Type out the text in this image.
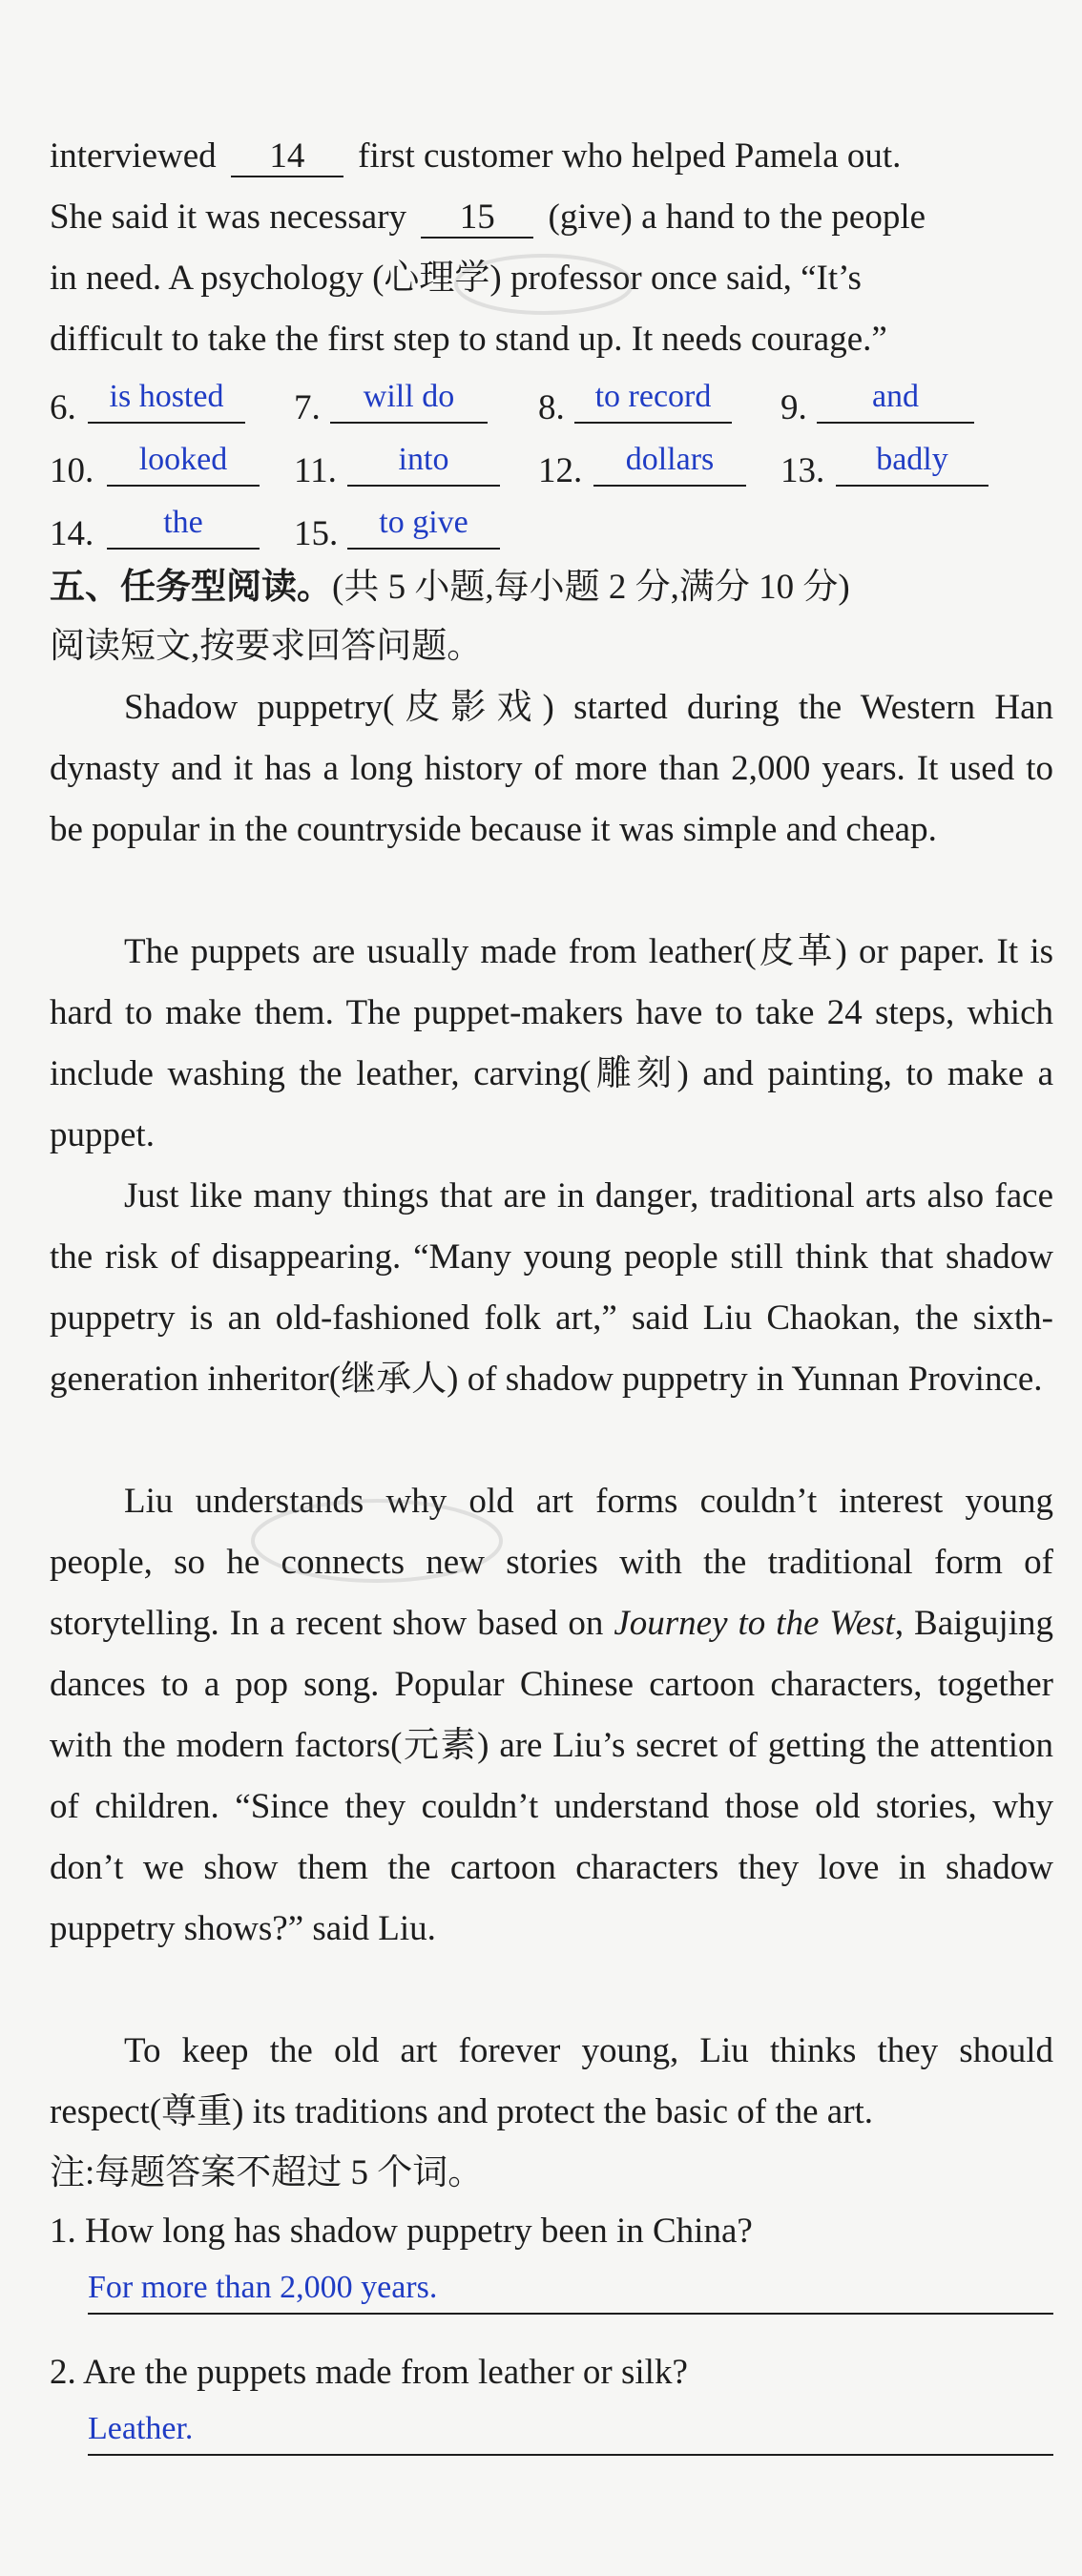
interviewed 14 first customer who helped Pamela out.
She said it was necessary 15 (give) a hand to the people
in need. A psychology (心理学) professor once said, “It’s
difficult to take the first step to stand up. It needs courage.”
6.	is hosted	7.	will do	8. to record	9.	and
10.	looked	11.	into	12.	dollars	13.	badly
14.	the	15.	to give
五、任务型阅读。(共 5 小题,每小题 2 分,满分 10 分)
阅读短文,按要求回答问题。
Shadow puppetry(皮影戏) started during the Western Han dynasty and it has a long history of more than 2,000 years. It used to be popular in the countryside because it was simple and cheap.
The puppets are usually made from leather(皮革) or paper. It is hard to make them. The puppet-makers have to take 24 steps, which include washing the leather, carving(雕刻) and painting, to make a puppet.
Just like many things that are in danger, traditional arts also face the risk of disappearing. “Many young people still think that shadow puppetry is an old-fashioned folk art,” said Liu Chaokan, the sixth-generation inheritor(继承人) of shadow puppetry in Yunnan Province.
Liu understands why old art forms couldn’t interest young people, so he connects new stories with the traditional form of storytelling. In a recent show based on Journey to the West, Baigujing dances to a pop song. Popular Chinese cartoon characters, together with the modern factors(元素) are Liu’s secret of getting the attention of children. “Since they couldn’t understand those old stories, why don’t we show them the cartoon characters they love in shadow puppetry shows?” said Liu.
To keep the old art forever young, Liu thinks they should respect(尊重) its traditions and protect the basic of the art.
注:每题答案不超过 5 个词。
1. How long has shadow puppetry been in China?
For more than 2,000 years.
2. Are the puppets made from leather or silk?
Leather.
